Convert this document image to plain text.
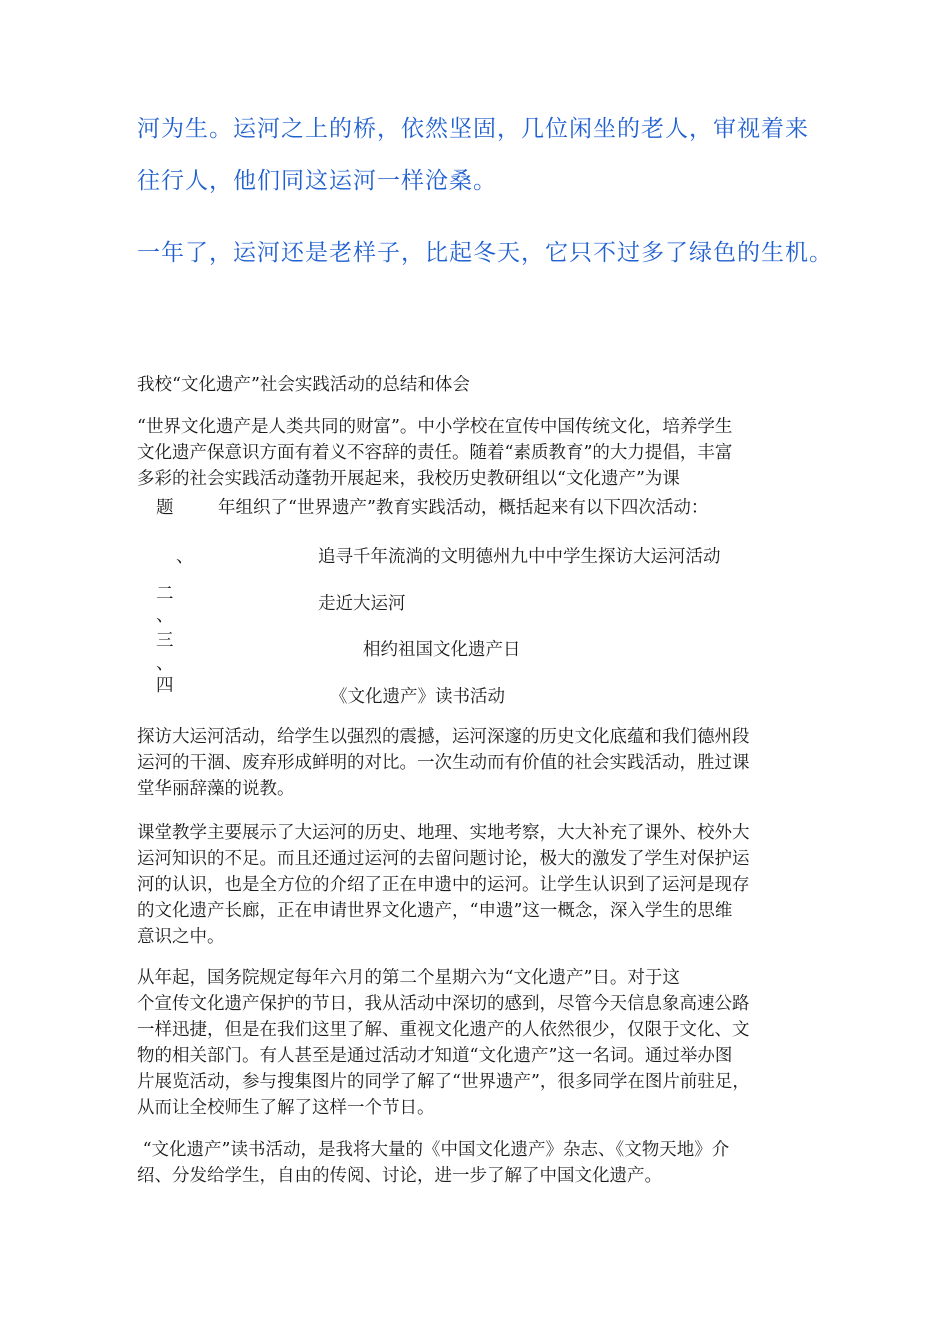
河为生。运河之上的桥，依然坚固，几位闲坐的老人，审视着来
往行人，他们同这运河一样沧桑。
一年了，运河还是老样子，比起冬天，它只不过多了绿色的生机。
我校“文化遗产”社会实践活动的总结和体会
“世界文化遗产是人类共同的财富”。中小学校在宣传中国传统文化，培养学生
文化遗产保意识方面有着义不容辞的责任。随着“素质教育”的大力提倡，丰富
多彩的社会实践活动蓬勃开展起来，我校历史教研组以“文化遗产”为课
题	年组织了“世界遗产”教育实践活动，概括起来有以下四次活动：
、	追寻千年流淌的文明德州九中中学生探访大运河活动
二
、
走近大运河
三
、
相约祖国文化遗产日
四
《文化遗产》读书活动
探访大运河活动，给学生以强烈的震撼，运河深邃的历史文化底蕴和我们德州段
运河的干涸、废弃形成鲜明的对比。一次生动而有价值的社会实践活动，胜过课
堂华丽辞藻的说教。
课堂教学主要展示了大运河的历史、地理、实地考察，大大补充了课外、校外大
运河知识的不足。而且还通过运河的去留问题讨论，极大的激发了学生对保护运
河的认识，也是全方位的介绍了正在申遗中的运河。让学生认识到了运河是现存
的文化遗产长廊，正在申请世界文化遗产，“申遗”这一概念，深入学生的思维
意识之中。
从年起，国务院规定每年六月的第二个星期六为“文化遗产”日。对于这
个宣传文化遗产保护的节日，我从活动中深切的感到，尽管今天信息象高速公路
一样迅捷，但是在我们这里了解、重视文化遗产的人依然很少，仅限于文化、文
物的相关部门。有人甚至是通过活动才知道“文化遗产”这一名词。通过举办图
片展览活动，参与搜集图片的同学了解了“世界遗产”，很多同学在图片前驻足，
从而让全校师生了解了这样一个节日。
“文化遗产”读书活动，是我将大量的《中国文化遗产》杂志、《文物天地》介
绍、分发给学生，自由的传阅、讨论，进一步了解了中国文化遗产。
